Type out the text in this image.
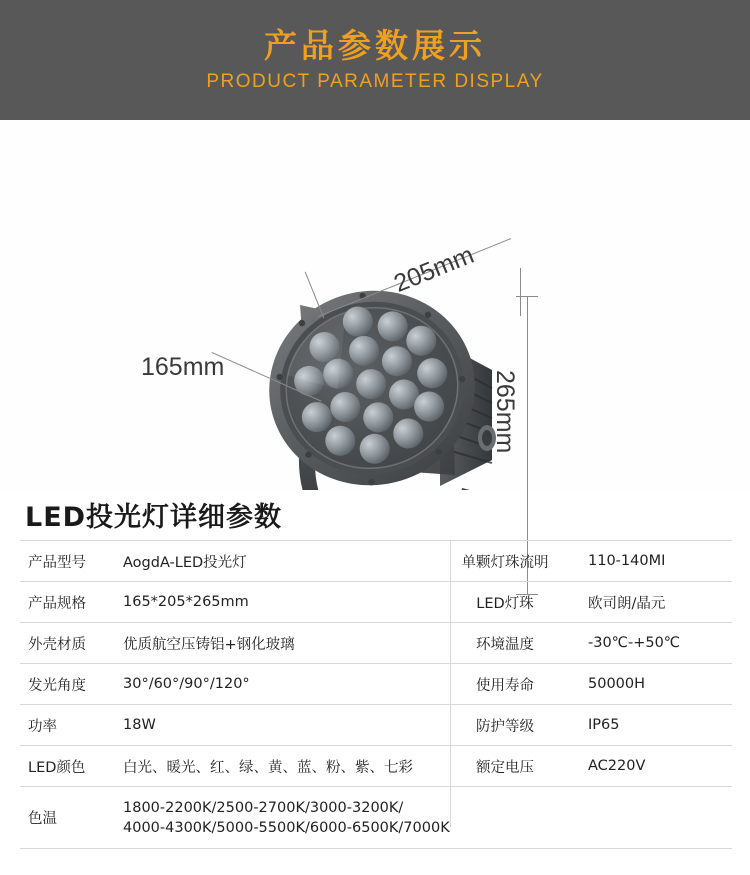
产品参数展示
PRODUCT PARAMETER DISPLAY
205mm
165mm
265mm
LED投光灯详细参数
产品型号	AogdA-LED投光灯	单颗灯珠流明	110-140MI
产品规格	165*205*265mm	LED灯珠	欧司朗/晶元
外壳材质	优质航空压铸铝+钢化玻璃	环境温度	-30℃-+50℃
发光角度	30°/60°/90°/120°	使用寿命	50000H
功率	18W	防护等级	IP65
LED颜色	白光、暖光、红、绿、黄、蓝、粉、紫、七彩	额定电压	AC220V
色温	1800-2200K/2500-2700K/3000-3200K/
4000-4300K/5000-5500K/6000-6500K/7000K		
